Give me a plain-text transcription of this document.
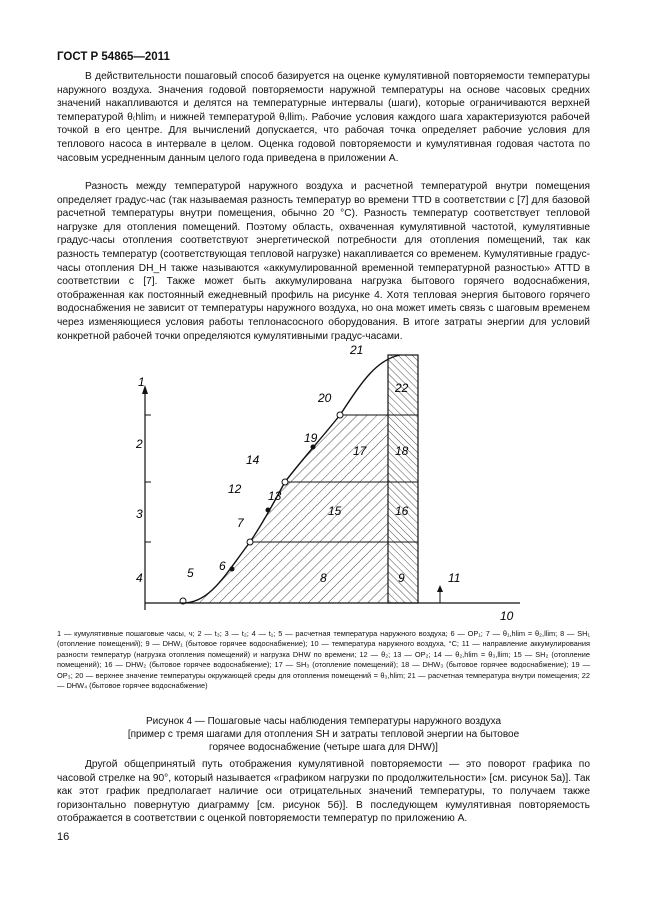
ГОСТ Р 54865—2011

В действительности пошаговый способ базируется на оценке кумулятивной повторяемости температуры наружного воздуха. Значения годовой повторяемости наружной температуры на основе часовых средних значений накапливаются и делятся на температурные интервалы (шаги), которые ограничиваются верхней температурой θ₍hlim₎ и нижней температурой θ₍llim₎. Рабочие условия каждого шага характеризуются рабочей точкой в его центре. Для вычислений допускается, что рабочая точка определяет рабочие условия для теплового насоса в интервале в целом. Оценка годовой повторяемости и кумулятивная годовая частота по часовым усредненным данным целого года приведена в приложении А.

Разность между температурой наружного воздуха и расчетной температурой внутри помещения определяет градус-час (так называемая разность температур во времени TTD в соответствии с [7] для базовой расчетной температуры внутри помещения, обычно 20 °С). Разность температур соответствует тепловой нагрузке для отопления помещений. Поэтому область, охваченная кумулятивной частотой, кумулятивные градус-часы отопления соответствуют энергетической потребности для отопления помещений, так как разность температур (соответствующая тепловой нагрузке) накапливается со временем. Кумулятивные градус-часы отопления DH_H также называются «аккумулированной временной температурной разностью» ATTD в соответствии с [7]. Также может быть аккумулирована нагрузка бытового горячего водоснабжения, отображенная как постоянный ежедневный профиль на рисунке 4. Хотя тепловая энергия бытового горячего водоснабжения не зависит от температуры наружного воздуха, но она может иметь связь с шаговым временем через изменяющиеся условия работы теплонасосного оборудования. В итоге затраты энергии для условий конкретной рабочей точки определяются кумулятивными градус-часами.

1
2
3
4	5 6
7
8	9
10
11
12 13
14
15	16
17 18
19
20
21
22
1 — кумулятивные пошаговые часы, ч; 2 — t₃; 3 — t₂; 4 — t₁; 5 — расчетная температура наружного воздуха; 6 — OP₁; 7 — θ₁,hlim = θ₂,llim; 8 — SH₁ (отопление помещений); 9 — DHW₁ (бытовое горячее водоснабжение); 10 — температура наружного воздуха, °С; 11 — направление аккумулирования разности температур (нагрузка отопления помещений) и нагрузка DHW по времени; 12 — θ₂; 13 — OP₂; 14 — θ₂,hlim = θ₃,llim; 15 — SH₂ (отопление помещений); 16 — DHW₂ (бытовое горячее водоснабжение); 17 — SH₃ (отопление помещений); 18 — DHW₃ (бытовое горячее водоснабжение); 19 — OP₃; 20 — верхнее значение температуры окружающей среды для отопления помещений = θ₃,hlim; 21 — расчетная температура внутри помещения; 22 — DHW₄ (бытовое горячее водоснабжение)
Рисунок 4 — Пошаговые часы наблюдения температуры наружного воздуха
[пример с тремя шагами для отопления SH и затраты тепловой энергии на бытовое
горячее водоснабжение (четыре шага для DHW)]

Другой общепринятый путь отображения кумулятивной повторяемости — это поворот графика по часовой стрелке на 90°, который называется «графиком нагрузки по продолжительности» [см. рисунок 5а)]. Так как этот график предполагает наличие оси отрицательных значений температуры, то получаем также горизонтально повернутую диаграмму [см. рисунок 5б)]. В последующем кумулятивная повторяемость отображается в соответствии с оценкой повторяемости температур по приложению А.

16
